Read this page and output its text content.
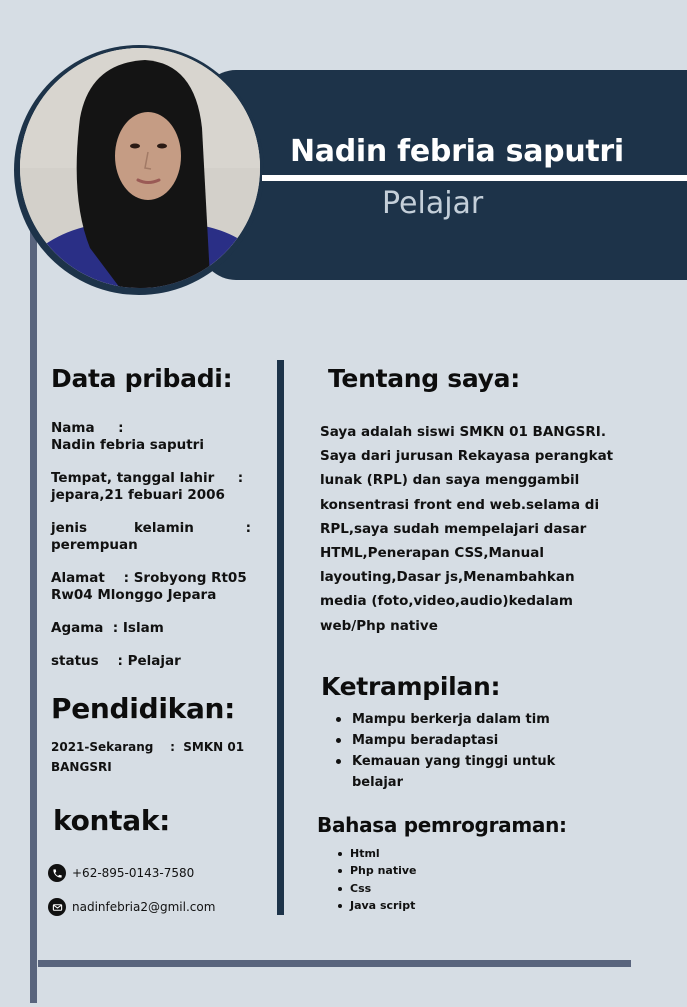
Nadin febria saputri
Pelajar
Data pribadi:
Nama     :
Nadin febria saputri
Tempat, tanggal lahir     :
jepara,21 febuari 2006
jenis          kelamin           :
perempuan
Alamat    : Srobyong Rt05
Rw04 Mlonggo Jepara
Agama  : Islam
status    : Pelajar
Pendidikan:
2021-Sekarang    :  SMKN 01
BANGSRI
kontak:
+62-895-0143-7580
nadinfebria2@gmil.com
Tentang saya:
Saya adalah siswi SMKN 01 BANGSRI.
Saya dari jurusan Rekayasa perangkat
lunak (RPL) dan saya menggambil
konsentrasi front end web.selama di
RPL,saya sudah mempelajari dasar
HTML,Penerapan CSS,Manual
layouting,Dasar js,Menambahkan
media (foto,video,audio)kedalam
web/Php native
Ketrampilan:
Mampu berkerja dalam tim
Mampu beradaptasi
Kemauan yang tinggi untuk
belajar
Bahasa pemrograman:
Html
Php native
Css
Java script
